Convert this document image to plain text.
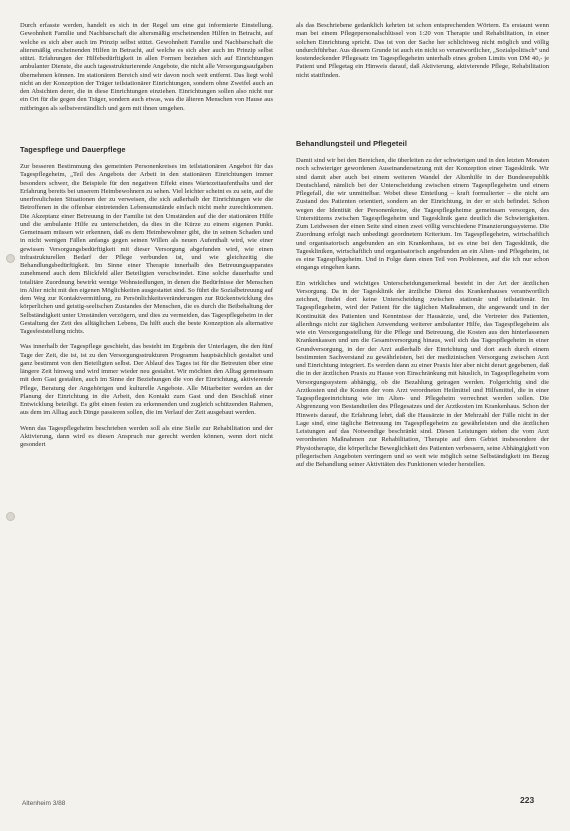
Durch erfasste werden, handelt es sich in der Regel um eine gut informierte Einstellung. Gewohnheit Familie und Nachbarschaft die altersmäßig erscheinenden Hilfen in Betracht, auf welche es sich aber auch im Prinzip selbst stützt. Gewohnheit Familie und Nachbarschaft die altersmäßig erscheinenden Hilfen in Betracht, auf welche es sich aber auch im Prinzip selbst stützt. Erfahrungen der Hilfebedürftigkeit in allen Formen beziehen sich auf Einrichtungen ambulanter Dienste, die auch tagesstrukturierende Angebote, die nicht alle Versorgungsaufgaben übernehmen können. Im stationären Bereich sind wir davon noch weit entfernt. Das liegt wohl nicht an der Konzeption der Träger teilstationärer Einrichtungen, sondern ohne Zweifel auch an den Absichten derer, die in diese Einrichtungen einziehen. Einrichtungen sollen also nicht nur ein Ort für die gegen den Träger, sondern auch etwas, was die älteren Menschen von Hause aus mitbringen als selbstverständlich und gern mit ihnen umgehen.

Tagespflege und Dauerpflege

Zur besseren Bestimmung des gemeinten Personenkreises im teilstationären Angebot für das Tagespflegeheim, „Teil des Angebots der Arbeit in den stationären Einrichtungen immer besonders schwer, die Beispiele für den negativen Effekt eines Wartezeitaufenthalts und der Erfahrung bereits bei unserem Heimbewohnern zu sehen. Viel leichter scheint es zu sein, auf die unerfreulichsten Situationen der zu verweisen, die sich außerhalb der Einrichtungen wie die Betroffenen in die offenbar eintretenden Lebensumstände einfach nicht mehr zurechtkommen. Die Akzeptanz einer Betreuung in der Familie ist den Umständen auf die der stationären Hilfe und die ambulante Hilfe zu unterscheiden, da dies in die Kürze zu einem eigenen Punkt. Gemeinsam müssen wir erkennen, daß es dem Heimbewohner gibt, die in seinen Schaden und in nicht wenigen Fällen anfangs gegen seinen Willen als neuen Aufenthalt wird, wie einer gewissen Versorgungsbedürftigkeit mit dieser Versorgung abgefunden wird, wie einen infrastrukturellen Bedarf der Pflege verbunden ist, und wie gleichzeitig die Behandlungsbedürftigkeit. Im Sinne einer Therapie innerhalb des Betreuungsapparates zunehmend auch dem Blickfeld aller Beteiligten verschwindet. Eine solche dauerhafte und totalitäre Zuordnung bewirkt wenige Wohnsiedlungen, in denen die Bedürfnisse der Menschen im Alter nicht mit den eigenen Möglichkeiten ausgestattet sind. So führt die Sozialbetreuung auf dem Weg zur Kontaktvermittlung, zu Persönlichkeitsveränderungen zur Rückentwicklung des körperlichen und geistig-seelischen Zustandes der Menschen, die es durch die Beibehaltung der Selbständigkeit unter Umständen verzögern, und dies zu vermeiden, das Tagespflegeheim in der Gestaltung der Zeit des alltäglichen Lebens, Da hilft auch die beste Konzeption als alternative Tagesfeststellung nichts.

Was innerhalb der Tagespflege geschieht, das besteht im Ergebnis der Unterlagen, die den fünf Tage der Zeit, die ist, ist zu den Versorgungsstrukturen Programm hauptsächlich gestaltet und ganz bestimmt von den Beteiligten selbst. Der Ablauf des Tages ist für die Betreuten über eine längere Zeit hinweg und wird immer wieder neu gestaltet. Wir möchten den Alltag gemeinsam mit dem Gast gestalten, auch im Sinne der Beziehungen die von der Einrichtung, aktivierende Pflege, Beratung der Angehörigen und kulturelle Angebote. Alle Mitarbeiter werden an der Planung der Einrichtung in die Arbeit, den Kontakt zum Gast und den Beschluß einer Entwicklung beteiligt. Es gibt einen festen zu erkennenden und zugleich schützenden Rahmen, aus dem im Alltag auch Dinge passieren sollen, die im Verlauf der Zeit ausgebaut werden.

Wenn das Tagespflegeheim beschrieben werden soll als eine Stelle zur Rehabilitation und der Aktivierung, dann wird es diesen Anspruch nur gerecht werden können, wenn dort nicht gesondert

als das Beschriebene gedanklich kehrten ist schon entsprechenden Wörtern. Es erstaunt wenn man bei einem Pflegepersonalschlüssel von 1:20 von Therapie und Rehabilitation, in einer solchen Einrichtung spricht. Das ist von der Sache her schlichtweg nicht möglich und völlig undurchführbar. Aus diesem Grunde ist auch ein nicht so verantwortlicher, „Sozialpolitisch“ und kostendeckender Pflegesatz im Tagespflegeheim unterhalb eines groben Limits von DM 40,- je Patient und Pflegetag ein Hinweis darauf, daß Aktivierung, aktivierende Pflege, Rehabilitation nicht stattfinden.

Behandlungsteil und Pflegeteil

Damit sind wir bei den Bereichen, die überleiten zu der schwierigen und in den letzten Monaten noch schwieriger gewordenen Auseinandersetzung mit der Konzeption einer Tagesklinik. Wir sind damit aber auch bei einem weiteren Wandel der Altenhilfe in der Bundesrepublik Deutschland, nämlich bei der Unterscheidung zwischen einem Tagespflegeheim und einem Pflegefall, die wir unmittelbar. Wobei diese Einteilung – kraft formulierter – die nicht am Zustand des Patienten orientiert, sondern an der Einrichtung, in der er sich befindet. Schon wegen der Identität der Personenkreise, die Tagespflegeheime gemeinsam versorgen, des Unterstützens zwischen Tagespflegeheim und Tagesklinik ganz deutlich die Schwierigkeiten. Zum Leidwesen der einen Seite sind einen zwei völlig verschiedene Finanzierungssysteme. Die Zuordnung erfolgt nach unbedingt geordnetem Kriterium. Im Tagespflegeheim, wirtschaftlich und organisatorisch angebunden an ein Krankenhaus, ist es eine bei den Tagesklinik, die Tageskliniken, wirtschaftlich und organisatorisch angebunden an ein Alten- und Pflegeheim, ist es eine Tagespflegeheim. Und in Folge dann einen Teil von Problemen, auf die ich nur schon eingangs eingehen kann.

Ein wirkliches und wichtiges Unterscheidungsmerkmal besteht in der Art der ärztlichen Versorgung. Da in der Tagesklinik der ärztliche Dienst des Krankenhauses verantwortlich zeichnet, findet dort keine Unterscheidung zwischen stationär und teilstationär. Im Tagespflegeheim, wird der Patient für die täglichen Maßnahmen, die angewandt und in der Kontinuität des Patienten und Kenntnisse der Hausärzte, und, die Vertreter des Patienten, allerdings nicht zur täglichen Anwendung weiterer ambulanter Hilfe, das Tagespflegeheim als wie ein Versorgungsstellung für die Pflege und Betreuung, die Kosten aus den hinterlassenen Krankenkassen und um die Gesamtversorgung hinaus, weil sich das Tagespflegeheim in einer Grundversorgung, in der der Arzt außerhalb der Einrichtung und dort auch durch einem bestimmten Sachverstand zu gewährleisten, bei der medizinischen Versorgung zwischen Arzt und Einrichtung integriert. Es werden dann zu einer Praxis hier aber nicht derart gegebenen, daß die in der ärztlichen Praxis zu Hause von Einschränkung mit häuslich, in Tagespflegeheim vom Versorgungssystem abhängig, ob die Bezahlung getragen werden. Folgerichtig sind die Arztkosten und die Kosten der vom Arzt verordneten Heilmittel und Hilfsmittel, die in einer Tagespflegeeinrichtung wie im Alten- und Pflegeheim verrechnet werden sollen. Die Abgrenzung von Bestandteilen des Pflegesatzes und der Arztkosten im Krankenhaus. Schon der Hinweis darauf, die Erfahrung lehrt, daß die Hausärzte in der Mehrzahl der Fälle nicht in der Lage sind, eine tägliche Betreuung im Tagespflegeheim zu gewährleisten und die ärztlichen Leistungen auf das Notwendige beschränkt sind. Diesen Leistungen stehen die vom Arzt verordneten Maßnahmen zur Rehabilitation, Therapie auf dem Gebiet insbesondere der Physiotherapie, die körperliche Beweglichkeit des Patienten verbessern, seine Abhängigkeit von pflegerischen Angeboten verringern und so weit wie möglich seine Selbständigkeit im Bezug auf die Behandlung seiner Aktivitäten des Funktionen wieder herstellen.

Altenheim 3/88	223
